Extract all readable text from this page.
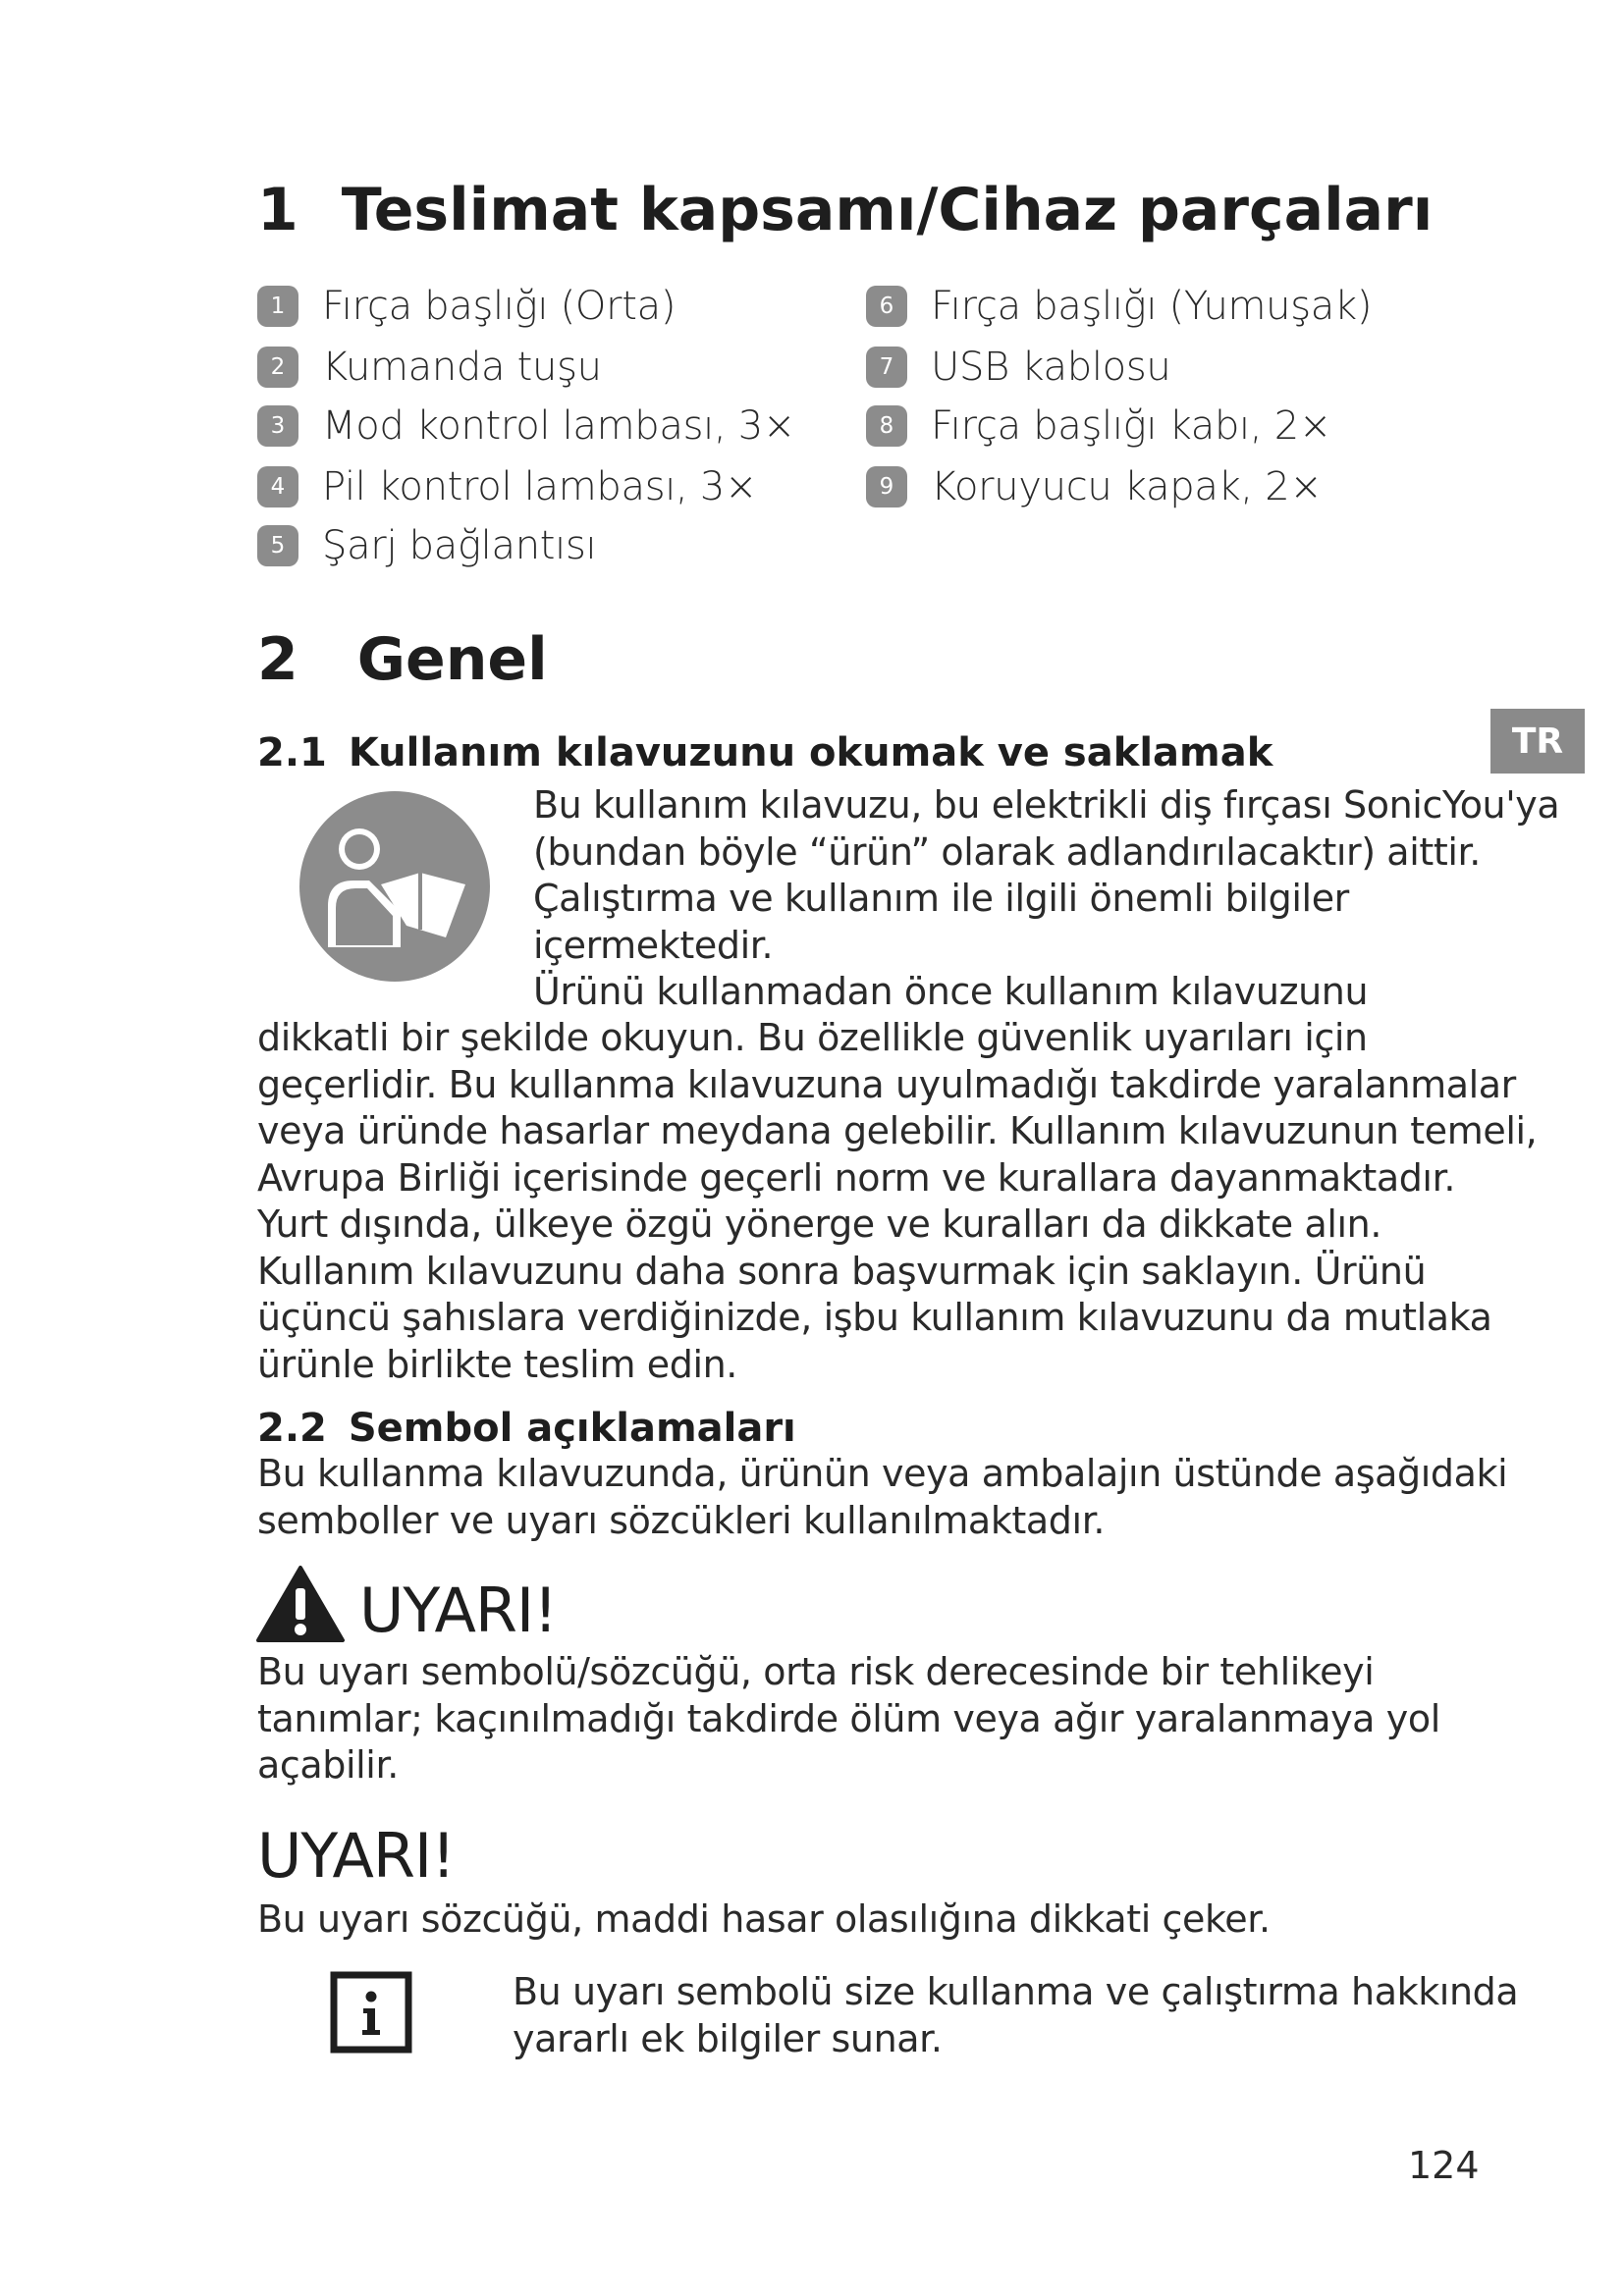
1 Teslimat kapsamı/Cihaz parçaları
1 Fırça başlığı (Orta)
2 Kumanda tuşu
3 Mod kontrol lambası, 3×
4 Pil kontrol lambası, 3×
5 Şarj bağlantısı
6 Fırça başlığı (Yumuşak)
7 USB kablosu
8 Fırça başlığı kabı, 2×
9 Koruyucu kapak, 2×
2 Genel
TR
2.1 Kullanım kılavuzunu okumak ve saklamak
Bu kullanım kılavuzu, bu elektrikli diş fırçası SonicYou'ya
(bundan böyle “ürün” olarak adlandırılacaktır) aittir.
Çalıştırma ve kullanım ile ilgili önemli bilgiler
içermektedir.
Ürünü kullanmadan önce kullanım kılavuzunu
dikkatli bir şekilde okuyun. Bu özellikle güvenlik uyarıları için
geçerlidir. Bu kullanma kılavuzuna uyulmadığı takdirde yaralanmalar
veya üründe hasarlar meydana gelebilir. Kullanım kılavuzunun temeli,
Avrupa Birliği içerisinde geçerli norm ve kurallara dayanmaktadır.
Yurt dışında, ülkeye özgü yönerge ve kuralları da dikkate alın.
Kullanım kılavuzunu daha sonra başvurmak için saklayın. Ürünü
üçüncü şahıslara verdiğinizde, işbu kullanım kılavuzunu da mutlaka
ürünle birlikte teslim edin.
2.2 Sembol açıklamaları
Bu kullanma kılavuzunda, ürünün veya ambalajın üstünde aşağıdaki
semboller ve uyarı sözcükleri kullanılmaktadır.
UYARI!
Bu uyarı sembolü/sözcüğü, orta risk derecesinde bir tehlikeyi
tanımlar; kaçınılmadığı takdirde ölüm veya ağır yaralanmaya yol
açabilir.
UYARI!
Bu uyarı sözcüğü, maddi hasar olasılığına dikkati çeker.
Bu uyarı sembolü size kullanma ve çalıştırma hakkında
yararlı ek bilgiler sunar.
124
